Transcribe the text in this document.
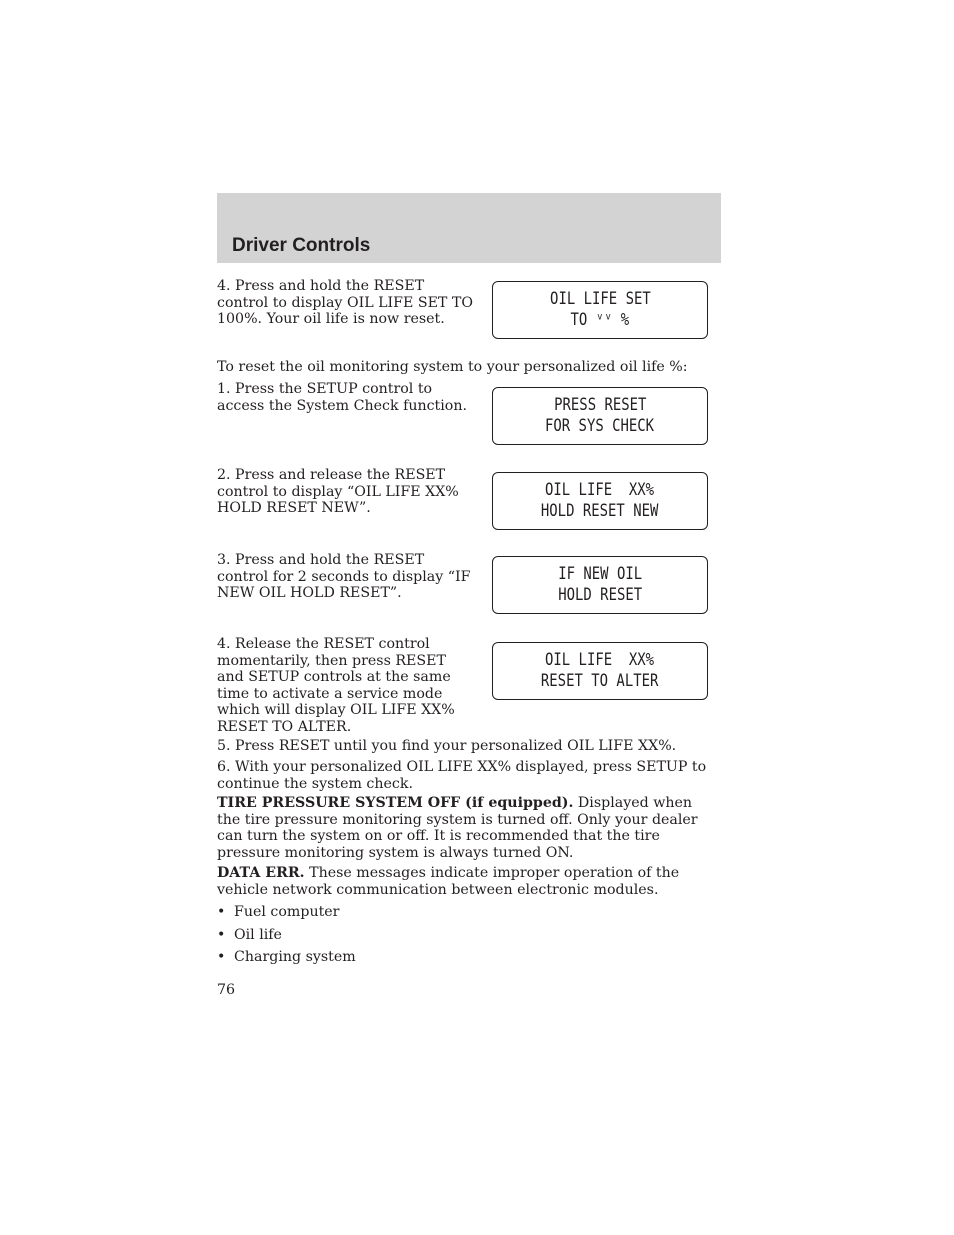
Driver Controls

4. Press and hold the RESET control to display OIL LIFE SET TO 100%. Your oil life is now reset.

OIL LIFE SET
TO ᵛᵛ %

To reset the oil monitoring system to your personalized oil life %:

1. Press the SETUP control to access the System Check function.	PRESS RESET
FOR SYS CHECK

2. Press and release the RESET control to display “OIL LIFE XX% HOLD RESET NEW”.

OIL LIFE  XX%
HOLD RESET NEW

3. Press and hold the RESET control for 2 seconds to display “IF NEW OIL HOLD RESET”.

IF NEW OIL
HOLD RESET

4. Release the RESET control momentarily, then press RESET and SETUP controls at the same time to activate a service mode which will display OIL LIFE XX% RESET TO ALTER.

OIL LIFE  XX%
RESET TO ALTER

5. Press RESET until you find your personalized OIL LIFE XX%.

6. With your personalized OIL LIFE XX% displayed, press SETUP to continue the system check.

TIRE PRESSURE SYSTEM OFF (if equipped). Displayed when the tire pressure monitoring system is turned off. Only your dealer can turn the system on or off. It is recommended that the tire pressure monitoring system is always turned ON.

DATA ERR. These messages indicate improper operation of the vehicle network communication between electronic modules.

• Fuel computer
• Oil life
• Charging system
76
